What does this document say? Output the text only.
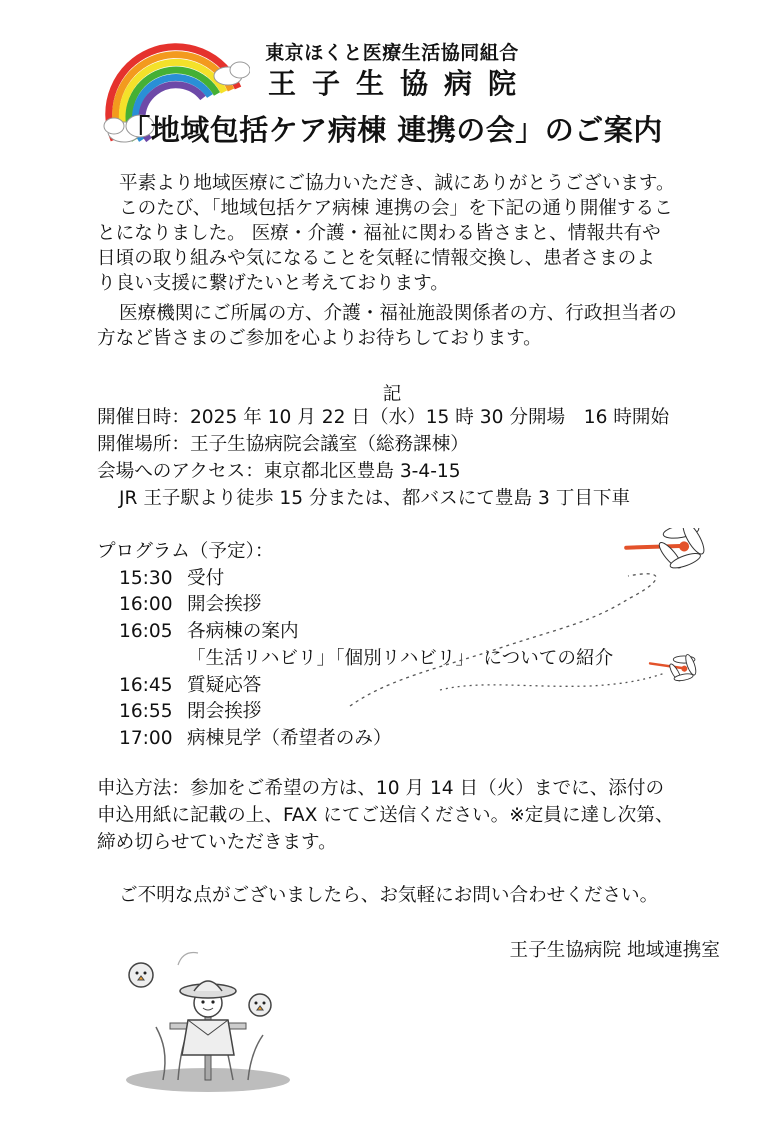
東京ほくと医療生活協同組合
王子生協病院
「地域包括ケア病棟 連携の会」のご案内
平素より地域医療にご協力いただき、誠にありがとうございます。
このたび、「地域包括ケア病棟 連携の会」を下記の通り開催するこ
とになりました。 医療・介護・福祉に関わる皆さまと、情報共有や
日頃の取り組みや気になることを気軽に情報交換し、患者さまのよ
り良い支援に繋げたいと考えております。
医療機関にご所属の方、介護・福祉施設関係者の方、行政担当者の
方など皆さまのご参加を心よりお待ちしております。
記
開催日時：2025 年 10 月 22 日（水）15 時 30 分開場　16 時開始
開催場所：王子生協病院会議室（総務課棟）
会場へのアクセス：東京都北区豊島 3-4-15
JR 王子駅より徒歩 15 分または、都バスにて豊島 3 丁目下車
プログラム（予定）：
15:30 受付
16:00 開会挨拶
16:05 各病棟の案内
「生活リハビリ」「個別リハビリ」　についての紹介
16:45 質疑応答
16:55 閉会挨拶
17:00 病棟見学（希望者のみ）
申込方法：参加をご希望の方は、10 月 14 日（火）までに、添付の
申込用紙に記載の上、FAX にてご送信ください。※定員に達し次第、
締め切らせていただきます。
ご不明な点がございましたら、お気軽にお問い合わせください。
王子生協病院 地域連携室
